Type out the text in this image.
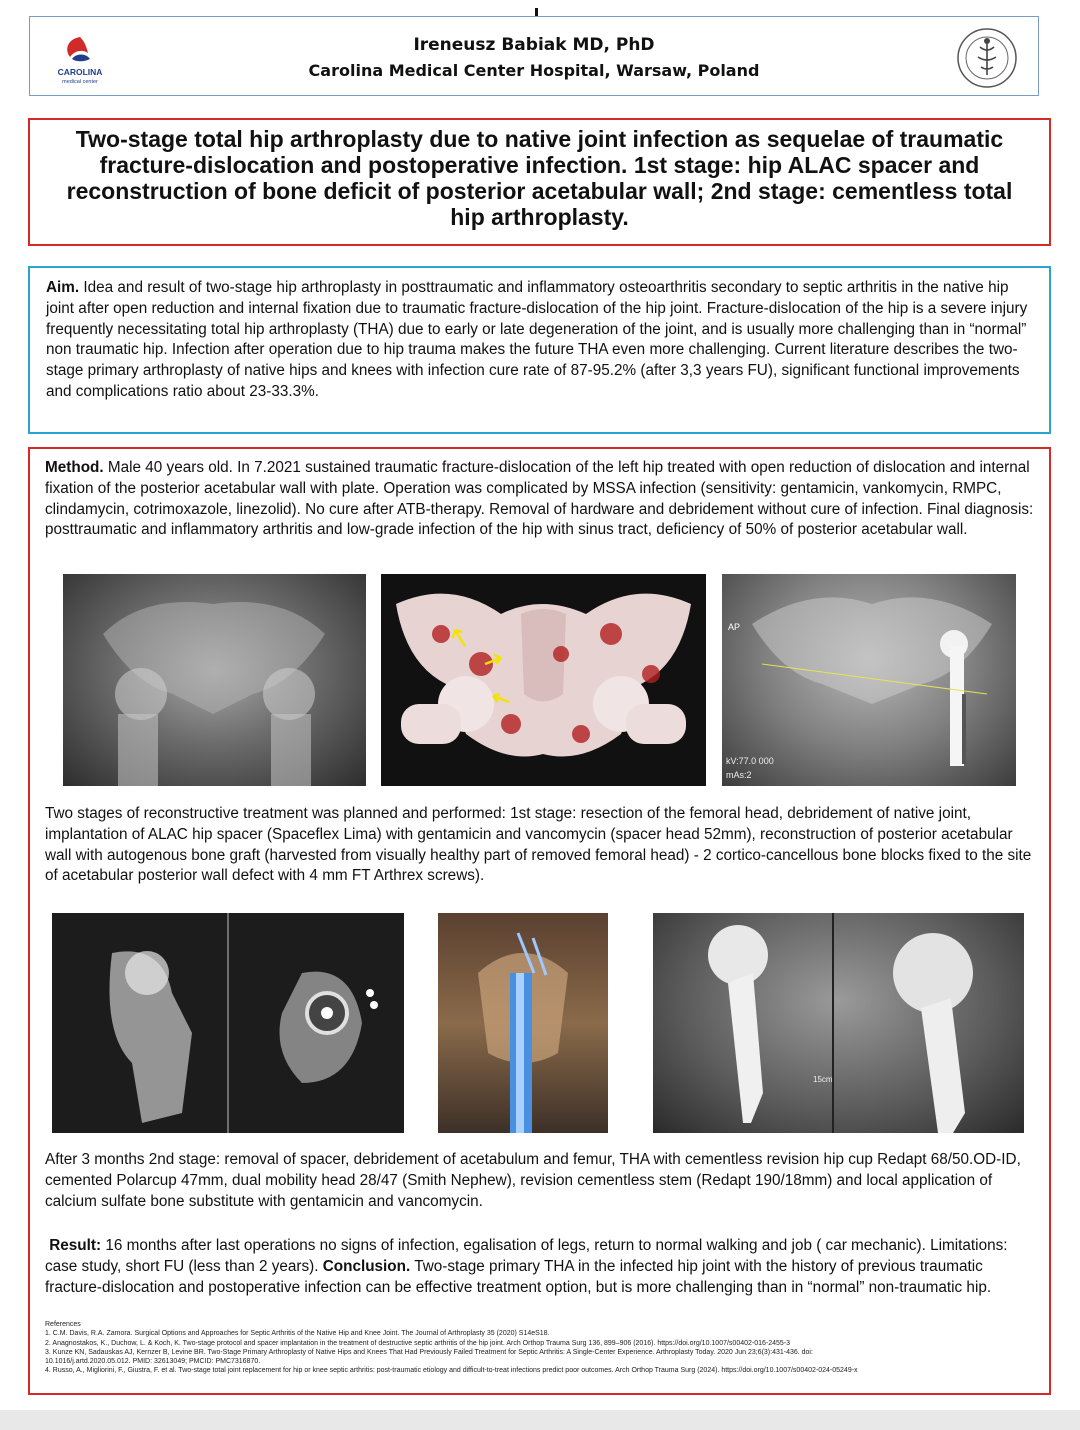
CAROLINA
medical center
Ireneusz Babiak MD, PhD
Carolina Medical Center Hospital, Warsaw, Poland
Two-stage total hip arthroplasty due to native joint infection as sequelae of traumatic fracture-dislocation and postoperative infection. 1st stage: hip ALAC spacer and reconstruction of bone deficit of posterior acetabular wall; 2nd stage: cementless total hip arthroplasty.
Aim. Idea and result of two-stage hip arthroplasty in posttraumatic and inflammatory osteoarthritis secondary to septic arthritis in the native hip joint after open reduction and internal fixation due to traumatic fracture-dislocation of the hip joint. Fracture-dislocation of the hip is a severe injury frequently necessitating total hip arthroplasty (THA) due to early or late degeneration of the joint, and is usually more challenging than in “normal” non traumatic hip. Infection after operation due to hip trauma makes the future THA even more challenging. Current literature describes the two-stage primary arthroplasty of native hips and knees with infection cure rate of 87-95.2% (after 3,3 years FU), significant functional improvements and complications ratio about 23-33.3%.
Method. Male 40 years old. In 7.2021 sustained traumatic fracture-dislocation of the left hip treated with open reduction of dislocation and internal fixation of the posterior acetabular wall with plate. Operation was complicated by MSSA infection (sensitivity: gentamicin, vankomycin, RMPC, clindamycin, cotrimoxazole, linezolid). No cure after ATB-therapy. Removal of hardware and debridement without cure of infection. Final diagnosis: posttraumatic and inflammatory arthritis and low-grade infection of the hip with sinus tract, deficiency of 50% of posterior acetabular wall.
AP
kV:77.0 000
mAs:2
Two stages of reconstructive treatment was planned and performed: 1st stage: resection of the femoral head, debridement of native joint, implantation of ALAC hip spacer (Spaceflex Lima) with gentamicin and vancomycin (spacer head 52mm), reconstruction of posterior acetabular wall with autogenous bone graft (harvested from visually healthy part of removed femoral head) - 2 cortico-cancellous bone blocks fixed to the site of acetabular posterior wall defect with 4 mm FT Arthrex screws).
15cm
After 3 months 2nd stage: removal of spacer, debridement of acetabulum and femur, THA with cementless revision hip cup Redapt 68/50.OD-ID, cemented Polarcup 47mm, dual mobility head 28/47 (Smith Nephew), revision cementless stem (Redapt 190/18mm) and local application of calcium sulfate bone substitute with gentamicin and vancomycin.
Result: 16 months after last operations no signs of infection, egalisation of legs, return to normal walking and job ( car mechanic). Limitations: case study, short FU (less than 2 years). Conclusion. Two-stage primary THA in the infected hip joint with the history of previous traumatic fracture-dislocation and postoperative infection can be effective treatment option, but is more challenging than in “normal” non-traumatic hip.
References
1. C.M. Davis, R.A. Zamora. Surgical Options and Approaches for Septic Arthritis of the Native Hip and Knee Joint. The Journal of Arthroplasty 35 (2020) S14eS18.
2. Anagnostakos, K., Duchow, L. & Koch, K. Two-stage protocol and spacer implantation in the treatment of destructive septic arthritis of the hip joint. Arch Orthop Trauma Surg 136, 899–906 (2016). https://doi.org/10.1007/s00402-016-2455-3
3. Kunze KN, Sadauskas AJ, Kernzer B, Levine BR. Two-Stage Primary Arthroplasty of Native Hips and Knees That Had Previously Failed Treatment for Septic Arthritis: A Single-Center Experience. Arthroplasty Today. 2020 Jun 23;6(3):431-436. doi:
10.1016/j.artd.2020.05.012. PMID: 32613049; PMCID: PMC7316870.
4. Russo, A., Migliorini, F., Giustra, F. et al. Two-stage total joint replacement for hip or knee septic arthritis: post-traumatic etiology and difficult-to-treat infections predict poor outcomes. Arch Orthop Trauma Surg (2024). https://doi.org/10.1007/s00402-024-05249-x
